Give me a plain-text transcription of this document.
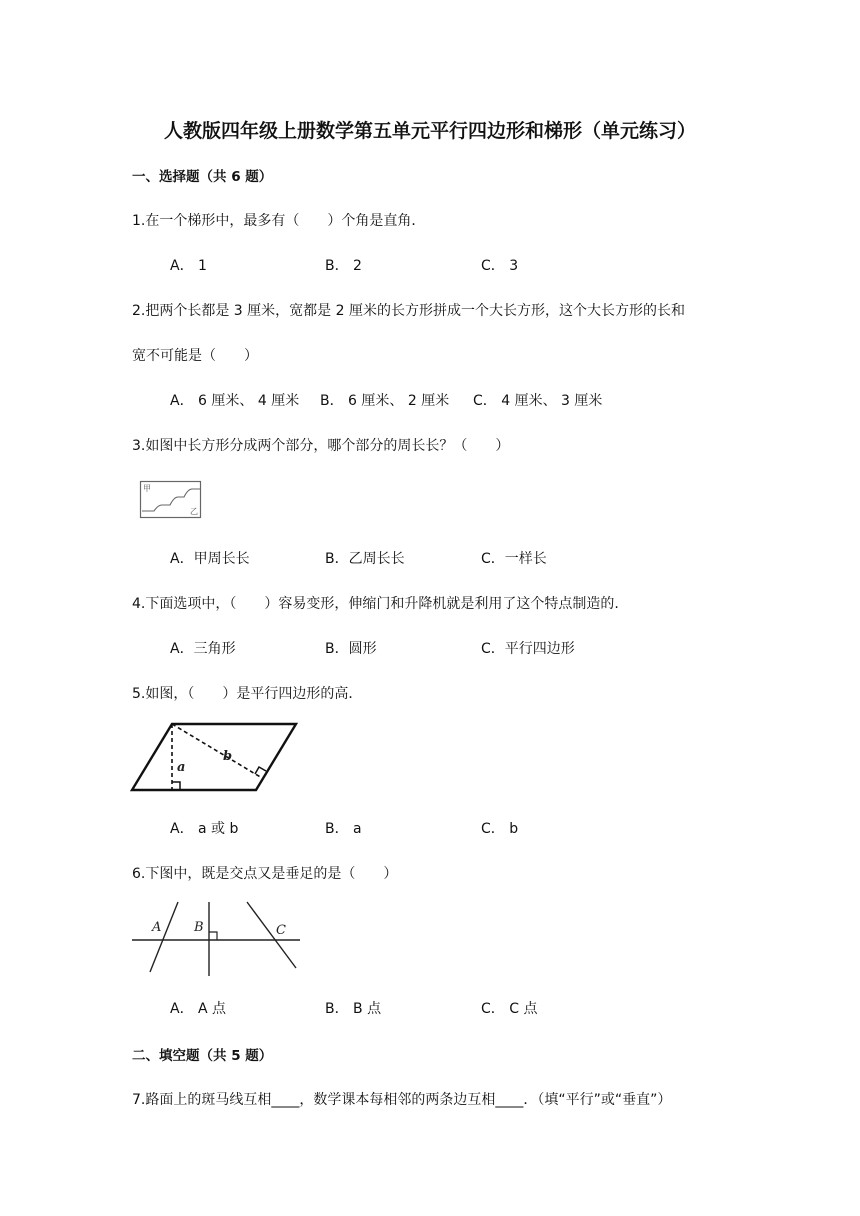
人教版四年级上册数学第五单元平行四边形和梯形（单元练习）
一、选择题（共 6 题）
1.在一个梯形中，最多有（　　）个角是直角．
A． 1	B． 2	C． 3
2.把两个长都是 3 厘米，宽都是 2 厘米的长方形拼成一个大长方形，这个大长方形的长和
宽不可能是（　　）
A． 6 厘米、 4 厘米 B． 6 厘米、 2 厘米 C． 4 厘米、 3 厘米
3.如图中长方形分成两个部分，哪个部分的周长长？（　　）
甲
乙
A．甲周长长	B．乙周长长	C．一样长
4.下面选项中，（　　）容易变形，伸缩门和升降机就是利用了这个特点制造的.
A．三角形	B．圆形	C．平行四边形
5.如图，（　　）是平行四边形的高．
a
b
A． a 或 b	B． a	C． b
6.下图中，既是交点又是垂足的是（　　）
A	B	C
A． A 点	B． B 点	C． C 点
二、填空题（共 5 题）
7.路面上的斑马线互相____，数学课本每相邻的两条边互相____．（填“平行”或“垂直”）
